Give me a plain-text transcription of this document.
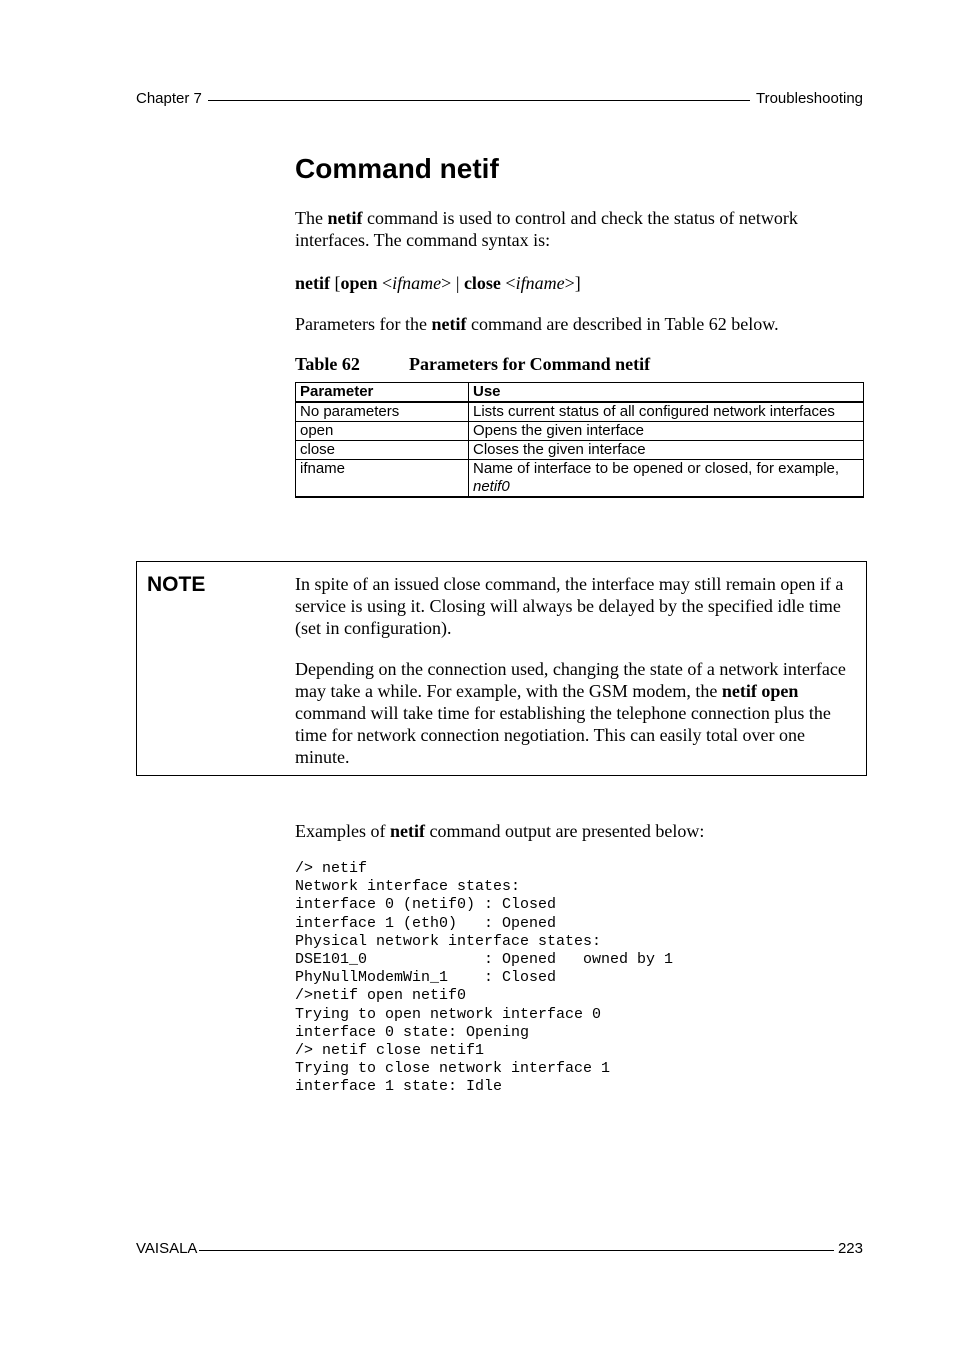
Chapter 7	Troubleshooting
Command netif

The netif command is used to control and check the status of network interfaces. The command syntax is:

netif [open <ifname> | close <ifname>]

Parameters for the netif command are described in Table 62 below.

Table 62	Parameters for Command netif
Parameter	Use
No parameters	Lists current status of all configured network interfaces
open	Opens the given interface
close	Closes the given interface
ifname	Name of interface to be opened or closed, for example, netif0
NOTE	In spite of an issued close command, the interface may still remain open if a service is using it. Closing will always be delayed by the specified idle time (set in configuration).

Depending on the connection used, changing the state of a network interface may take a while. For example, with the GSM modem, the netif open command will take time for establishing the telephone connection plus the time for network connection negotiation. This can easily total over one minute.

Examples of netif command output are presented below:

/> netif
Network interface states:
interface 0 (netif0) : Closed
interface 1 (eth0)   : Opened
Physical network interface states:
DSE101_0             : Opened   owned by 1
PhyNullModemWin_1    : Closed
/>netif open netif0
Trying to open network interface 0
interface 0 state: Opening
/> netif close netif1
Trying to close network interface 1
interface 1 state: Idle
VAISALA	223
